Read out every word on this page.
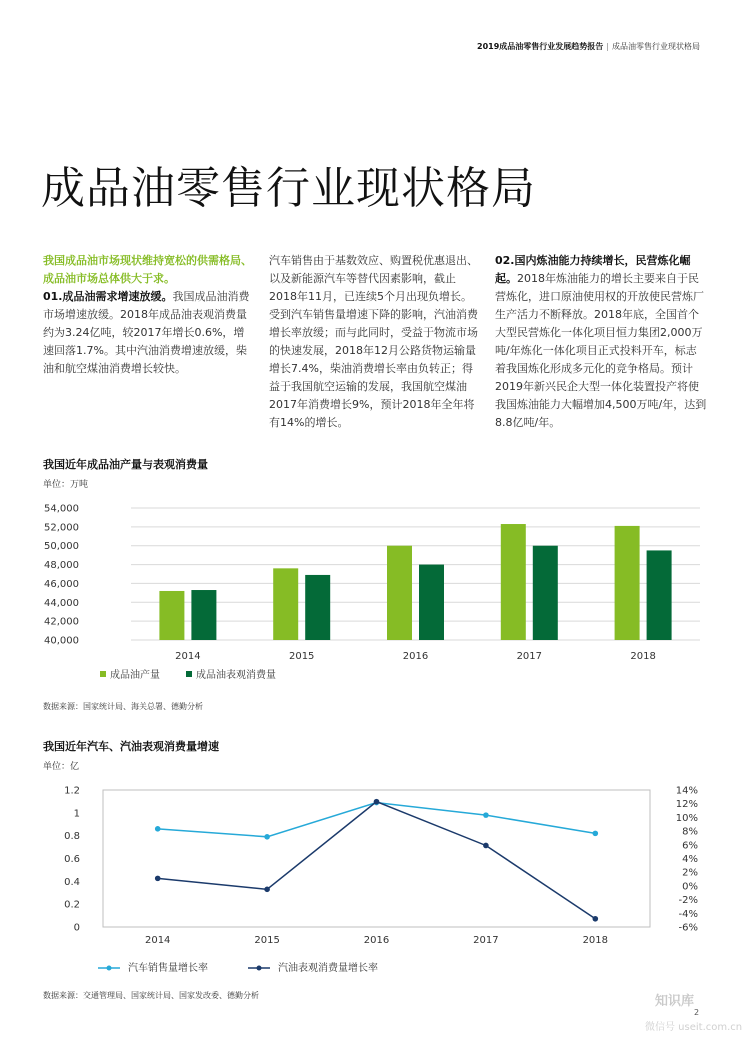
2019成品油零售行业发展趋势报告 | 成品油零售行业现状格局
成品油零售行业现状格局
我国成品油市场现状维持宽松的供需格局、成品油市场总体供大于求。
01.成品油需求增速放缓。我国成品油消费市场增速放缓。2018年成品油表观消费量约为3.24亿吨，较2017年增长0.6%，增速回落1.7%。其中汽油消费增速放缓，柴油和航空煤油消费增长较快。
汽车销售由于基数效应、购置税优惠退出、以及新能源汽车等替代因素影响，截止2018年11月，已连续5个月出现负增长。受到汽车销售量增速下降的影响，汽油消费增长率放缓；而与此同时，受益于物流市场的快速发展，2018年12月公路货物运输量增长7.4%，柴油消费增长率由负转正；得益于我国航空运输的发展，我国航空煤油2017年消费增长9%，预计2018年全年将有14%的增长。
02.国内炼油能力持续增长，民营炼化崛起。2018年炼油能力的增长主要来自于民营炼化，进口原油使用权的开放使民营炼厂生产活力不断释放。2018年底，全国首个大型民营炼化一体化项目恒力集团2,000万吨/年炼化一体化项目正式投料开车，标志着我国炼化形成多元化的竞争格局。预计2019年新兴民企大型一体化装置投产将使我国炼油能力大幅增加4,500万吨/年，达到8.8亿吨/年。
我国近年成品油产量与表观消费量
单位：万吨
40,000
42,000
44,000
46,000
48,000
50,000
52,000
54,000
2014	2015	2016	2017	2018
成品油产量	成品油表观消费量
数据来源：国家统计局、海关总署、德勤分析
我国近年汽车、汽油表观消费量增速
单位：亿
0
0.2
0.4
0.6
0.8
1
1.2
-6%
-4%
-2%
0%
2%
4%
6%
8%
10%
12%
14%
2014	2015	2016	2017	2018
汽车销售量增长率	汽油表观消费量增长率
数据来源：交通管理局、国家统计局、国家发改委、德勤分析
2
知识库
微信号 useit.com.cn
